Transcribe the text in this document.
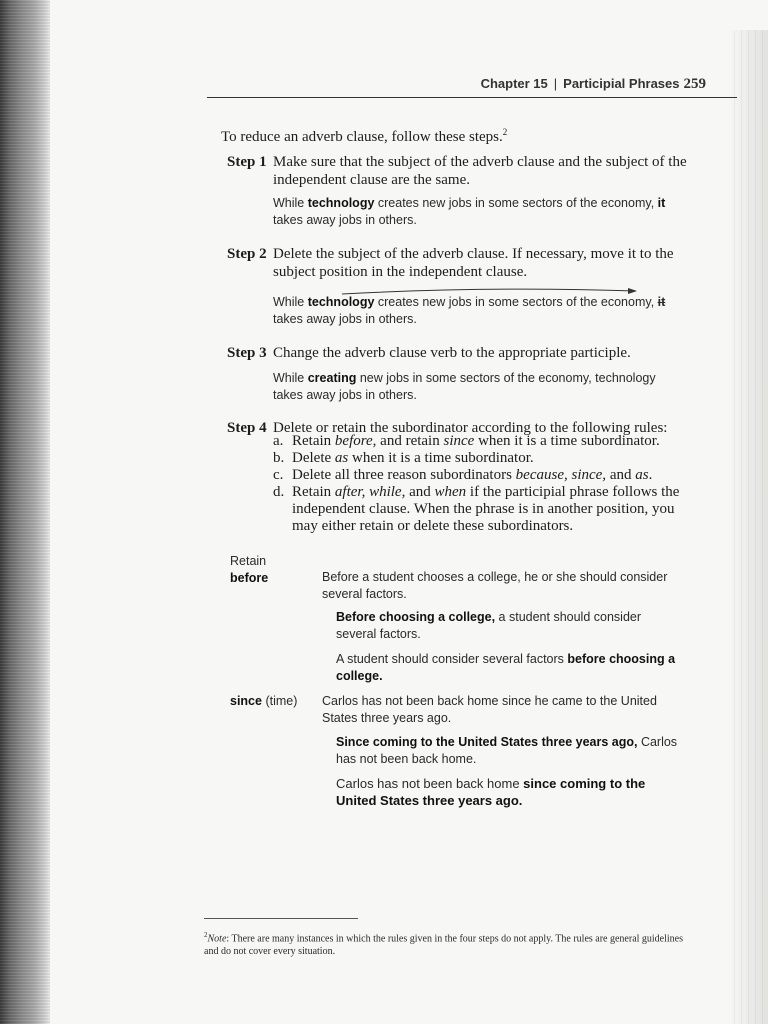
Chapter 15 | Participial Phrases 259
To reduce an adverb clause, follow these steps.$^2$
Step 1 Make sure that the subject of the adverb clause and the subject of the independent clause are the same.
While technology creates new jobs in some sectors of the economy, it takes away jobs in others.
Step 2 Delete the subject of the adverb clause. If necessary, move it to the subject position in the independent clause.
While technology creates new jobs in some sectors of the economy, it takes away jobs in others.
Step 3 Change the adverb clause verb to the appropriate participle.
While creating new jobs in some sectors of the economy, technology takes away jobs in others.
Step 4 Delete or retain the subordinator according to the following rules:
a. Retain before, and retain since when it is a time subordinator.
b. Delete as when it is a time subordinator.
c. Delete all three reason subordinators because, since, and as.
d. Retain after, while, and when if the participial phrase follows the independent clause. When the phrase is in another position, you may either retain or delete these subordinators.
Retain
before	Before a student chooses a college, he or she should consider several factors.
Before choosing a college, a student should consider several factors.
A student should consider several factors before choosing a college.
since (time) Carlos has not been back home since he came to the United States three years ago.
Since coming to the United States three years ago, Carlos has not been back home.
Carlos has not been back home since coming to the United States three years ago.
$^2$Note: There are many instances in which the rules given in the four steps do not apply. The rules are general guidelines and do not cover every situation.
